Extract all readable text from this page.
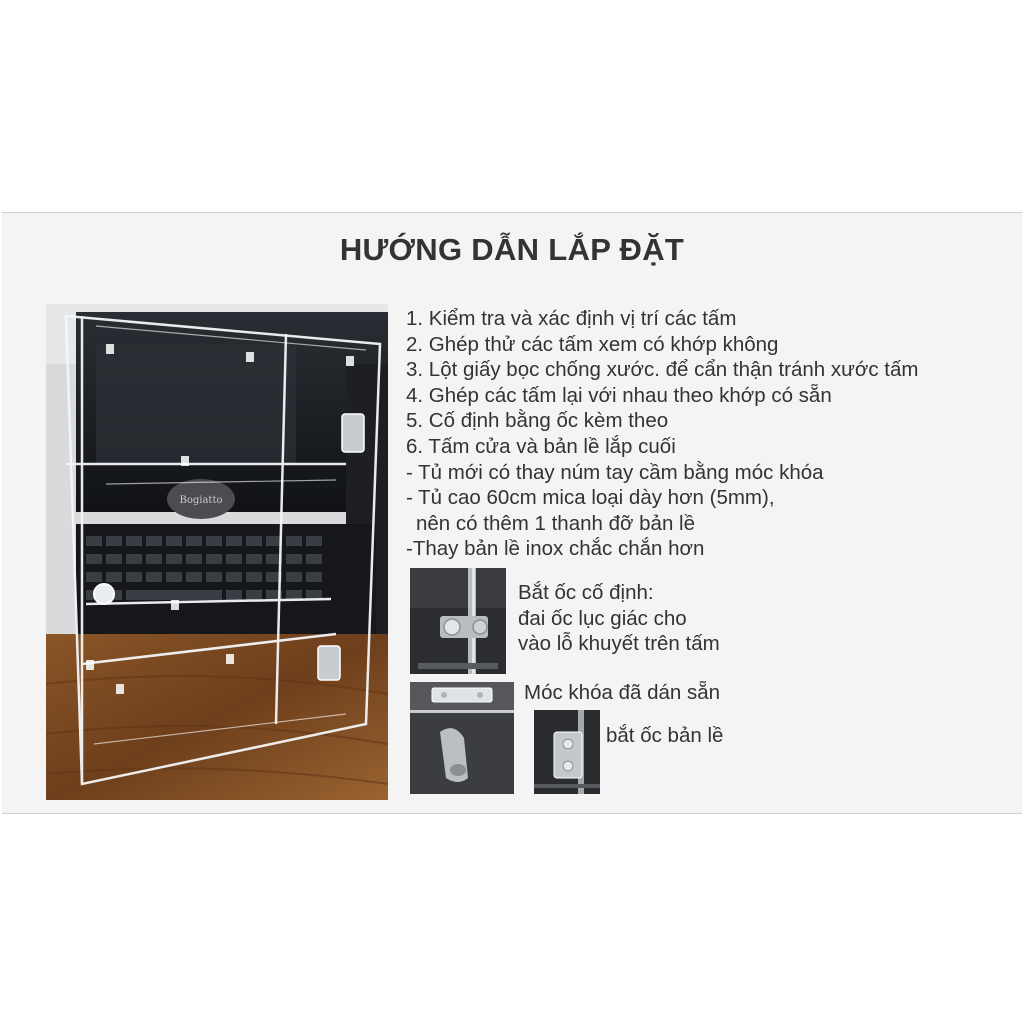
HƯỚNG DẪN LẮP ĐẶT
Bogiatto
1. Kiểm tra và xác định vị trí các tấm
2. Ghép thử các tấm xem có khớp không
3. Lột giấy bọc chống xước. để cẩn thận tránh xước tấm
4. Ghép các tấm lại với nhau theo khớp có sẵn
5. Cố định bằng ốc kèm theo
6. Tấm cửa và bản lề lắp cuối
- Tủ mới có thay núm tay cầm bằng móc khóa
- Tủ cao 60cm mica loại dày hơn (5mm),
nên có thêm 1 thanh đỡ bản lề
-Thay bản lề inox chắc chắn hơn
Bắt ốc cố định:
đai ốc lục giác cho
vào lỗ khuyết trên tấm
Móc khóa đã dán sẵn
bắt ốc bản lề
